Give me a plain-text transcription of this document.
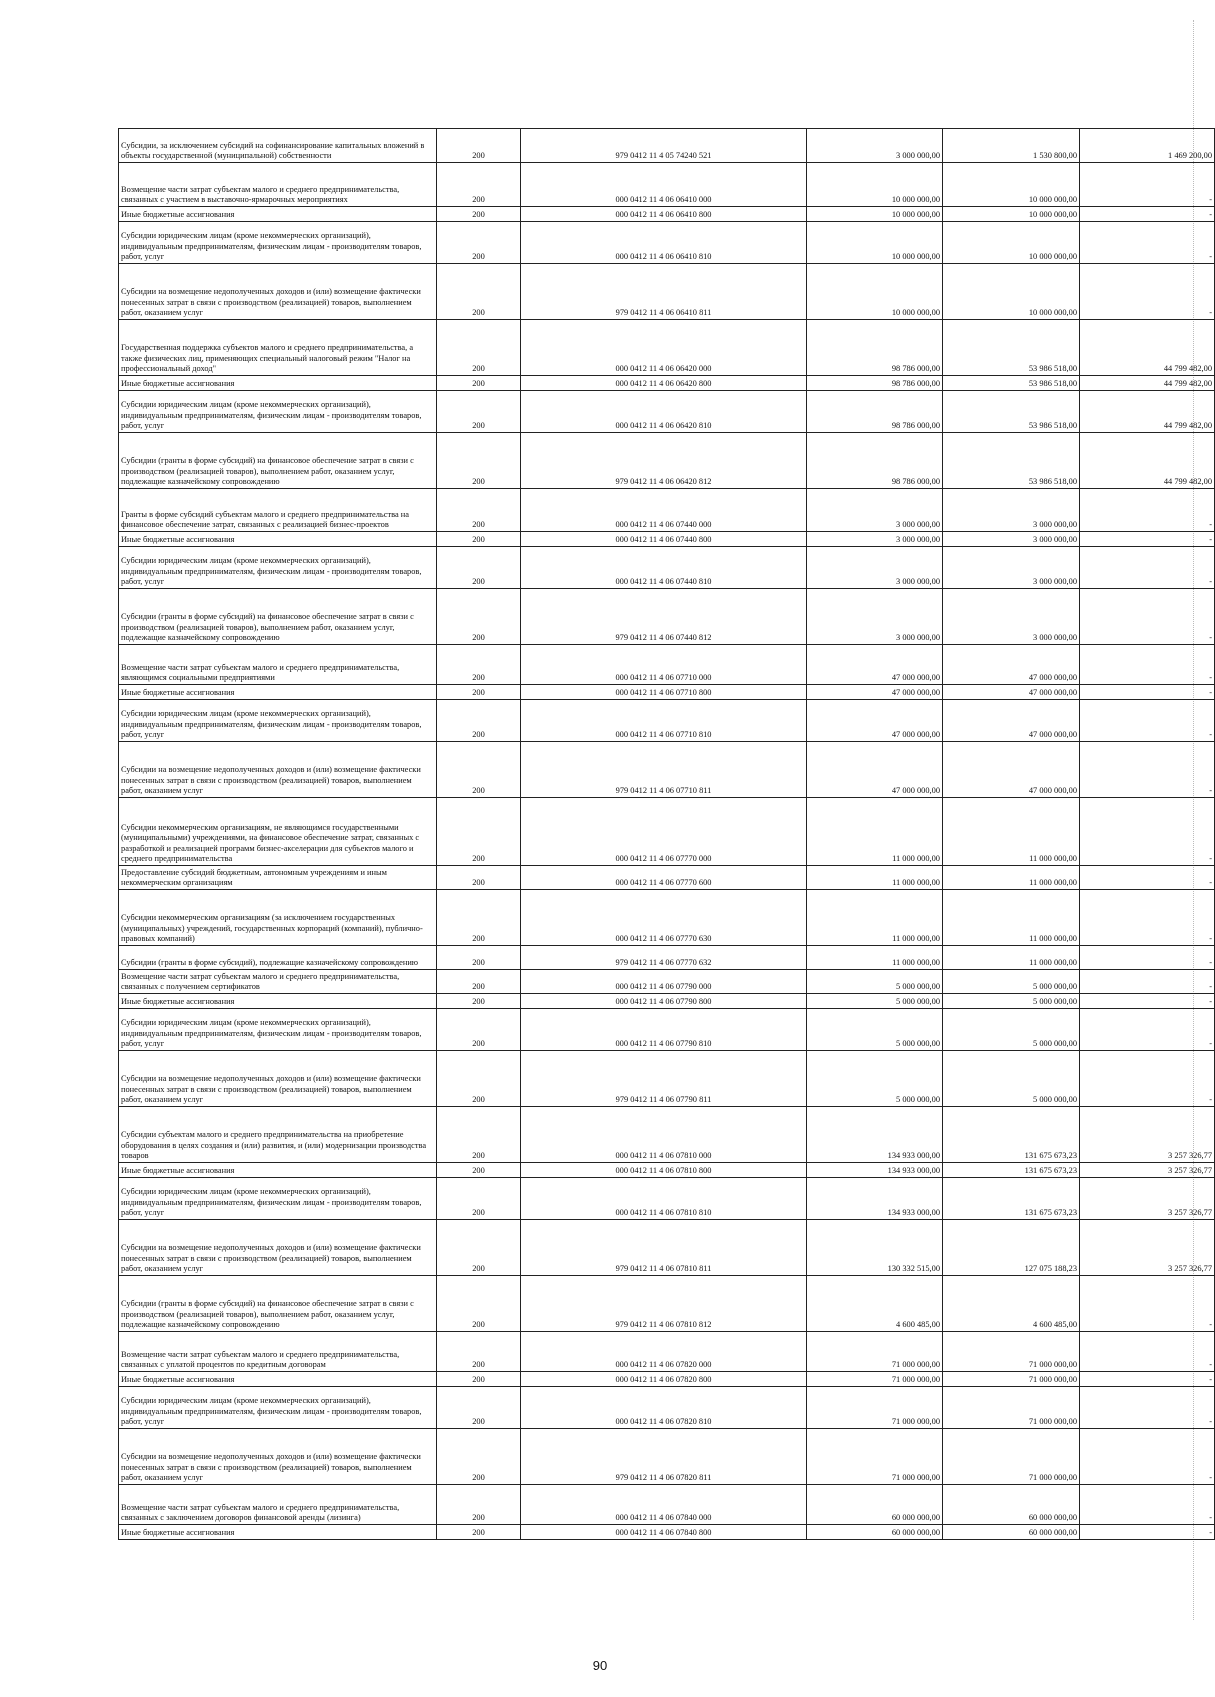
Субсидии, за исключением субсидий на софинансирование капитальных вложений в объекты государственной (муниципальной) собственности	200	979 0412 11 4 05 74240 521	3 000 000,00	1 530 800,00	1 469 200,00
Возмещение части затрат субъектам малого и среднего предпринимательства, связанных с участием в выставочно-ярмарочных мероприятиях	200	000 0412 11 4 06 06410 000	10 000 000,00	10 000 000,00	-
Иные бюджетные ассигнования	200	000 0412 11 4 06 06410 800	10 000 000,00	10 000 000,00	-
Субсидии юридическим лицам (кроме некоммерческих организаций), индивидуальным предпринимателям, физическим лицам - производителям товаров, работ, услуг	200	000 0412 11 4 06 06410 810	10 000 000,00	10 000 000,00	-
Субсидии на возмещение недополученных доходов и (или) возмещение фактически понесенных затрат в связи с производством (реализацией) товаров, выполнением работ, оказанием услуг	200	979 0412 11 4 06 06410 811	10 000 000,00	10 000 000,00	-
Государственная поддержка субъектов малого и среднего предпринимательства, а также физических лиц, применяющих специальный налоговый режим "Налог на профессиональный доход"	200	000 0412 11 4 06 06420 000	98 786 000,00	53 986 518,00	44 799 482,00
Иные бюджетные ассигнования	200	000 0412 11 4 06 06420 800	98 786 000,00	53 986 518,00	44 799 482,00
Субсидии юридическим лицам (кроме некоммерческих организаций), индивидуальным предпринимателям, физическим лицам - производителям товаров, работ, услуг	200	000 0412 11 4 06 06420 810	98 786 000,00	53 986 518,00	44 799 482,00
Субсидии (гранты в форме субсидий) на финансовое обеспечение затрат в связи с производством (реализацией товаров), выполнением работ, оказанием услуг, подлежащие казначейскому сопровождению	200	979 0412 11 4 06 06420 812	98 786 000,00	53 986 518,00	44 799 482,00
Гранты в форме субсидий субъектам малого и среднего предпринимательства на финансовое обеспечение затрат, связанных с реализацией бизнес-проектов	200	000 0412 11 4 06 07440 000	3 000 000,00	3 000 000,00	-
Иные бюджетные ассигнования	200	000 0412 11 4 06 07440 800	3 000 000,00	3 000 000,00	-
Субсидии юридическим лицам (кроме некоммерческих организаций), индивидуальным предпринимателям, физическим лицам - производителям товаров, работ, услуг	200	000 0412 11 4 06 07440 810	3 000 000,00	3 000 000,00	-
Субсидии (гранты в форме субсидий) на финансовое обеспечение затрат в связи с производством (реализацией товаров), выполнением работ, оказанием услуг, подлежащие казначейскому сопровождению	200	979 0412 11 4 06 07440 812	3 000 000,00	3 000 000,00	-
Возмещение части затрат субъектам малого и среднего предпринимательства, являющимся социальными предприятиями	200	000 0412 11 4 06 07710 000	47 000 000,00	47 000 000,00	-
Иные бюджетные ассигнования	200	000 0412 11 4 06 07710 800	47 000 000,00	47 000 000,00	-
Субсидии юридическим лицам (кроме некоммерческих организаций), индивидуальным предпринимателям, физическим лицам - производителям товаров, работ, услуг	200	000 0412 11 4 06 07710 810	47 000 000,00	47 000 000,00	-
Субсидии на возмещение недополученных доходов и (или) возмещение фактически понесенных затрат в связи с производством (реализацией) товаров, выполнением работ, оказанием услуг	200	979 0412 11 4 06 07710 811	47 000 000,00	47 000 000,00	-
Субсидии некоммерческим организациям, не являющимся государственными (муниципальными) учреждениями, на финансовое обеспечение затрат, связанных с разработкой и реализацией программ бизнес-акселерации для субъектов малого и среднего предпринимательства	200	000 0412 11 4 06 07770 000	11 000 000,00	11 000 000,00	-
Предоставление субсидий бюджетным, автономным учреждениям и иным некоммерческим организациям	200	000 0412 11 4 06 07770 600	11 000 000,00	11 000 000,00	-
Субсидии некоммерческим организациям (за исключением государственных (муниципальных) учреждений, государственных корпораций (компаний), публично-правовых компаний)	200	000 0412 11 4 06 07770 630	11 000 000,00	11 000 000,00	-
Субсидии (гранты в форме субсидий), подлежащие казначейскому сопровождению	200	979 0412 11 4 06 07770 632	11 000 000,00	11 000 000,00	-
Возмещение части затрат субъектам малого и среднего предпринимательства, связанных с получением сертификатов	200	000 0412 11 4 06 07790 000	5 000 000,00	5 000 000,00	-
Иные бюджетные ассигнования	200	000 0412 11 4 06 07790 800	5 000 000,00	5 000 000,00	-
Субсидии юридическим лицам (кроме некоммерческих организаций), индивидуальным предпринимателям, физическим лицам - производителям товаров, работ, услуг	200	000 0412 11 4 06 07790 810	5 000 000,00	5 000 000,00	-
Субсидии на возмещение недополученных доходов и (или) возмещение фактически понесенных затрат в связи с производством (реализацией) товаров, выполнением работ, оказанием услуг	200	979 0412 11 4 06 07790 811	5 000 000,00	5 000 000,00	-
Субсидии субъектам малого и среднего предпринимательства на приобретение оборудования в целях создания и (или) развития, и (или) модернизации производства товаров	200	000 0412 11 4 06 07810 000	134 933 000,00	131 675 673,23	3 257 326,77
Иные бюджетные ассигнования	200	000 0412 11 4 06 07810 800	134 933 000,00	131 675 673,23	3 257 326,77
Субсидии юридическим лицам (кроме некоммерческих организаций), индивидуальным предпринимателям, физическим лицам - производителям товаров, работ, услуг	200	000 0412 11 4 06 07810 810	134 933 000,00	131 675 673,23	3 257 326,77
Субсидии на возмещение недополученных доходов и (или) возмещение фактически понесенных затрат в связи с производством (реализацией) товаров, выполнением работ, оказанием услуг	200	979 0412 11 4 06 07810 811	130 332 515,00	127 075 188,23	3 257 326,77
Субсидии (гранты в форме субсидий) на финансовое обеспечение затрат в связи с производством (реализацией товаров), выполнением работ, оказанием услуг, подлежащие казначейскому сопровождению	200	979 0412 11 4 06 07810 812	4 600 485,00	4 600 485,00	-
Возмещение части затрат субъектам малого и среднего предпринимательства, связанных с уплатой процентов по кредитным договорам	200	000 0412 11 4 06 07820 000	71 000 000,00	71 000 000,00	-
Иные бюджетные ассигнования	200	000 0412 11 4 06 07820 800	71 000 000,00	71 000 000,00	-
Субсидии юридическим лицам (кроме некоммерческих организаций), индивидуальным предпринимателям, физическим лицам - производителям товаров, работ, услуг	200	000 0412 11 4 06 07820 810	71 000 000,00	71 000 000,00	-
Субсидии на возмещение недополученных доходов и (или) возмещение фактически понесенных затрат в связи с производством (реализацией) товаров, выполнением работ, оказанием услуг	200	979 0412 11 4 06 07820 811	71 000 000,00	71 000 000,00	-
Возмещение части затрат субъектам малого и среднего предпринимательства, связанных с заключением договоров финансовой аренды (лизинга)	200	000 0412 11 4 06 07840 000	60 000 000,00	60 000 000,00	-
Иные бюджетные ассигнования	200	000 0412 11 4 06 07840 800	60 000 000,00	60 000 000,00	-
90
